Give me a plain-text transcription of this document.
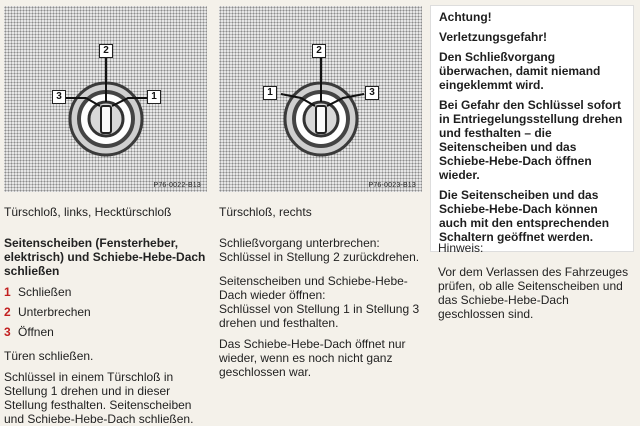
2
3	1
P76-0022-B13
2
1	3
P76-0023-B13
Türschloß, links, Hecktürschloß	Türschloß, rechts

Seitenscheiben (Fensterheber, elektrisch) und Schiebe-Hebe-Dach schließen

1 Schließen
2 Unterbrechen
3 Öffnen

Türen schließen.

Schlüssel in einem Türschloß in Stellung 1 drehen und in dieser Stellung festhalten. Seitenscheiben und Schiebe-Hebe-Dach schließen.

Schließvorgang unterbrechen:

Schlüssel in Stellung 2 zurückdrehen.

Seitenscheiben und Schiebe-Hebe-Dach wieder öffnen:

Schlüssel von Stellung 1 in Stellung 3 drehen und festhalten.

Das Schiebe-Hebe-Dach öffnet nur wieder, wenn es noch nicht ganz geschlossen war.

Achtung!

Verletzungsgefahr!

Den Schließvorgang überwachen, damit niemand eingeklemmt wird.

Bei Gefahr den Schlüssel sofort in Entriegelungsstellung drehen und festhalten – die Seitenscheiben und das Schiebe-Hebe-Dach öffnen wieder.

Die Seitenscheiben und das Schiebe-Hebe-Dach können auch mit den entsprechenden Schaltern geöffnet werden.

Hinweis:

Vor dem Verlassen des Fahrzeuges prüfen, ob alle Seitenscheiben und das Schiebe-Hebe-Dach geschlossen sind.
